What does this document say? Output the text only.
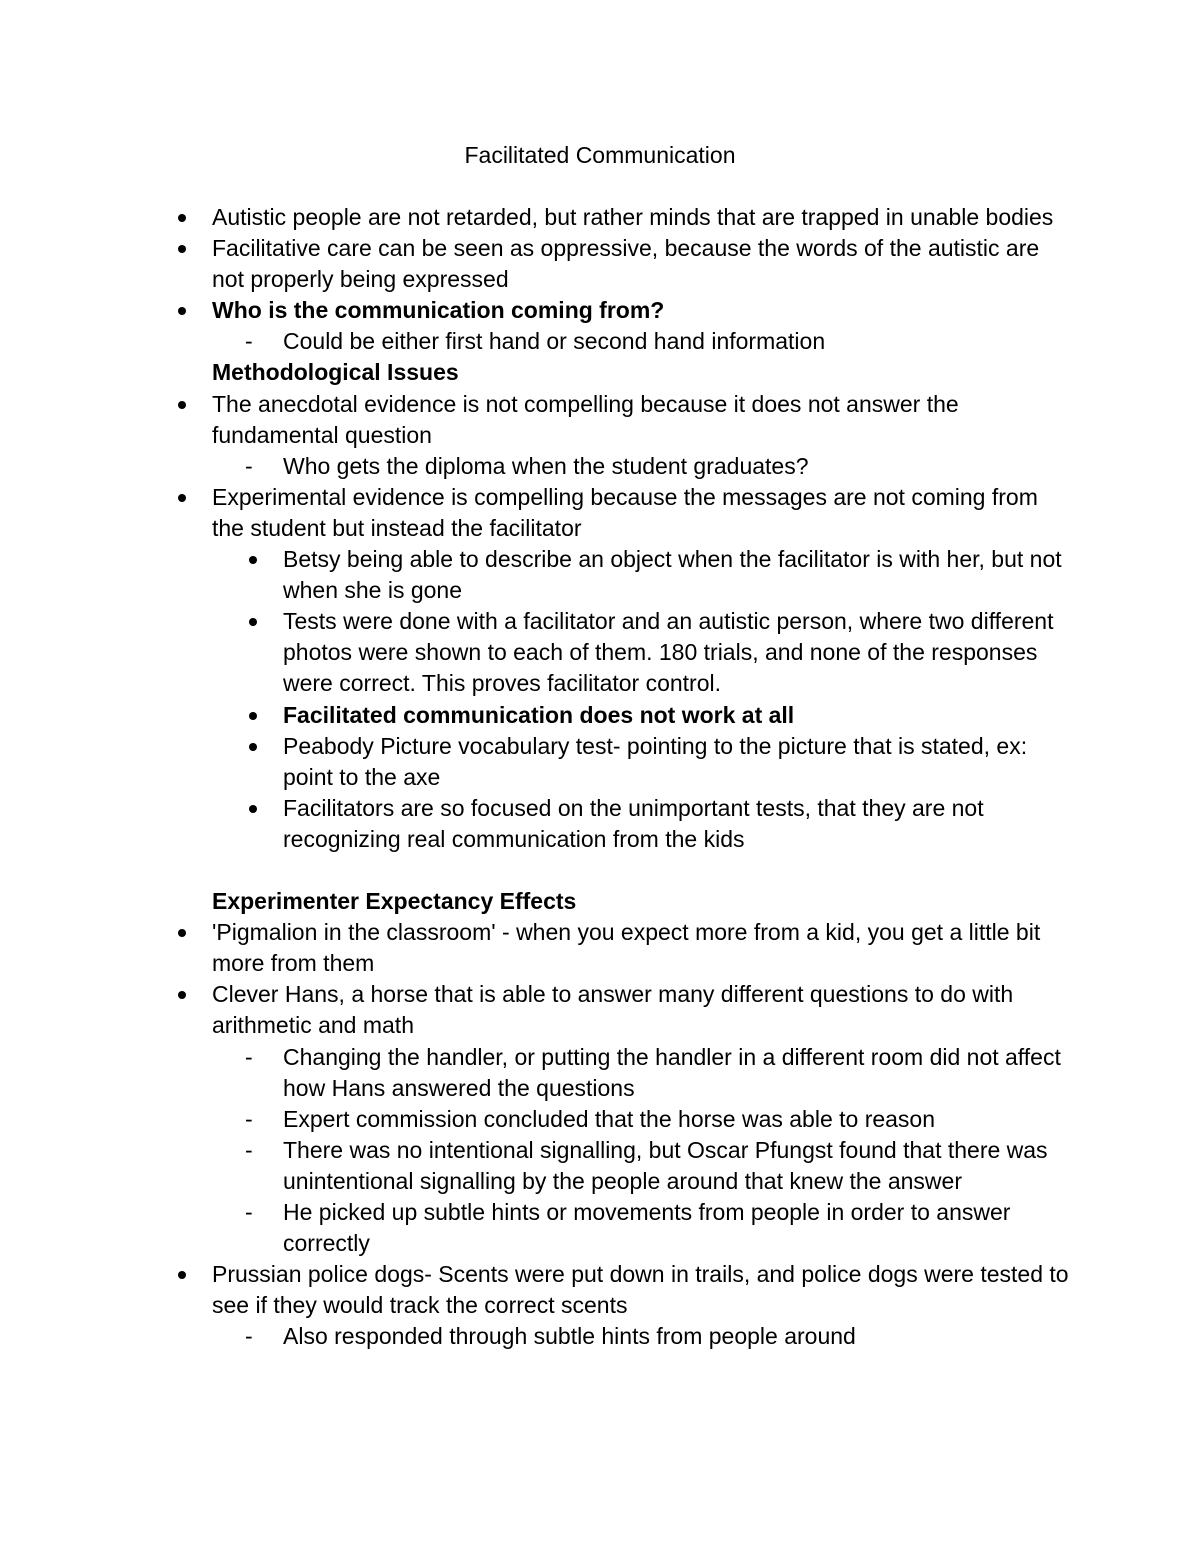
Facilitated Communication
Autistic people are not retarded, but rather minds that are trapped in unable bodies
Facilitative care can be seen as oppressive, because the words of the autistic are not properly being expressed
Who is the communication coming from?
- Could be either first hand or second hand information
Methodological Issues
The anecdotal evidence is not compelling because it does not answer the fundamental question
- Who gets the diploma when the student graduates?
Experimental evidence is compelling because the messages are not coming from the student but instead the facilitator
Betsy being able to describe an object when the facilitator is with her, but not when she is gone
Tests were done with a facilitator and an autistic person, where two different photos were shown to each of them. 180 trials, and none of the responses were correct. This proves facilitator control.
Facilitated communication does not work at all
Peabody Picture vocabulary test- pointing to the picture that is stated, ex: point to the axe
Facilitators are so focused on the unimportant tests, that they are not recognizing real communication from the kids
Experimenter Expectancy Effects
'Pigmalion in the classroom' - when you expect more from a kid, you get a little bit more from them
Clever Hans, a horse that is able to answer many different questions to do with arithmetic and math
- Changing the handler, or putting the handler in a different room did not affect how Hans answered the questions
- Expert commission concluded that the horse was able to reason
- There was no intentional signalling, but Oscar Pfungst found that there was unintentional signalling by the people around that knew the answer
- He picked up subtle hints or movements from people in order to answer correctly
Prussian police dogs- Scents were put down in trails, and police dogs were tested to see if they would track the correct scents
- Also responded through subtle hints from people around
